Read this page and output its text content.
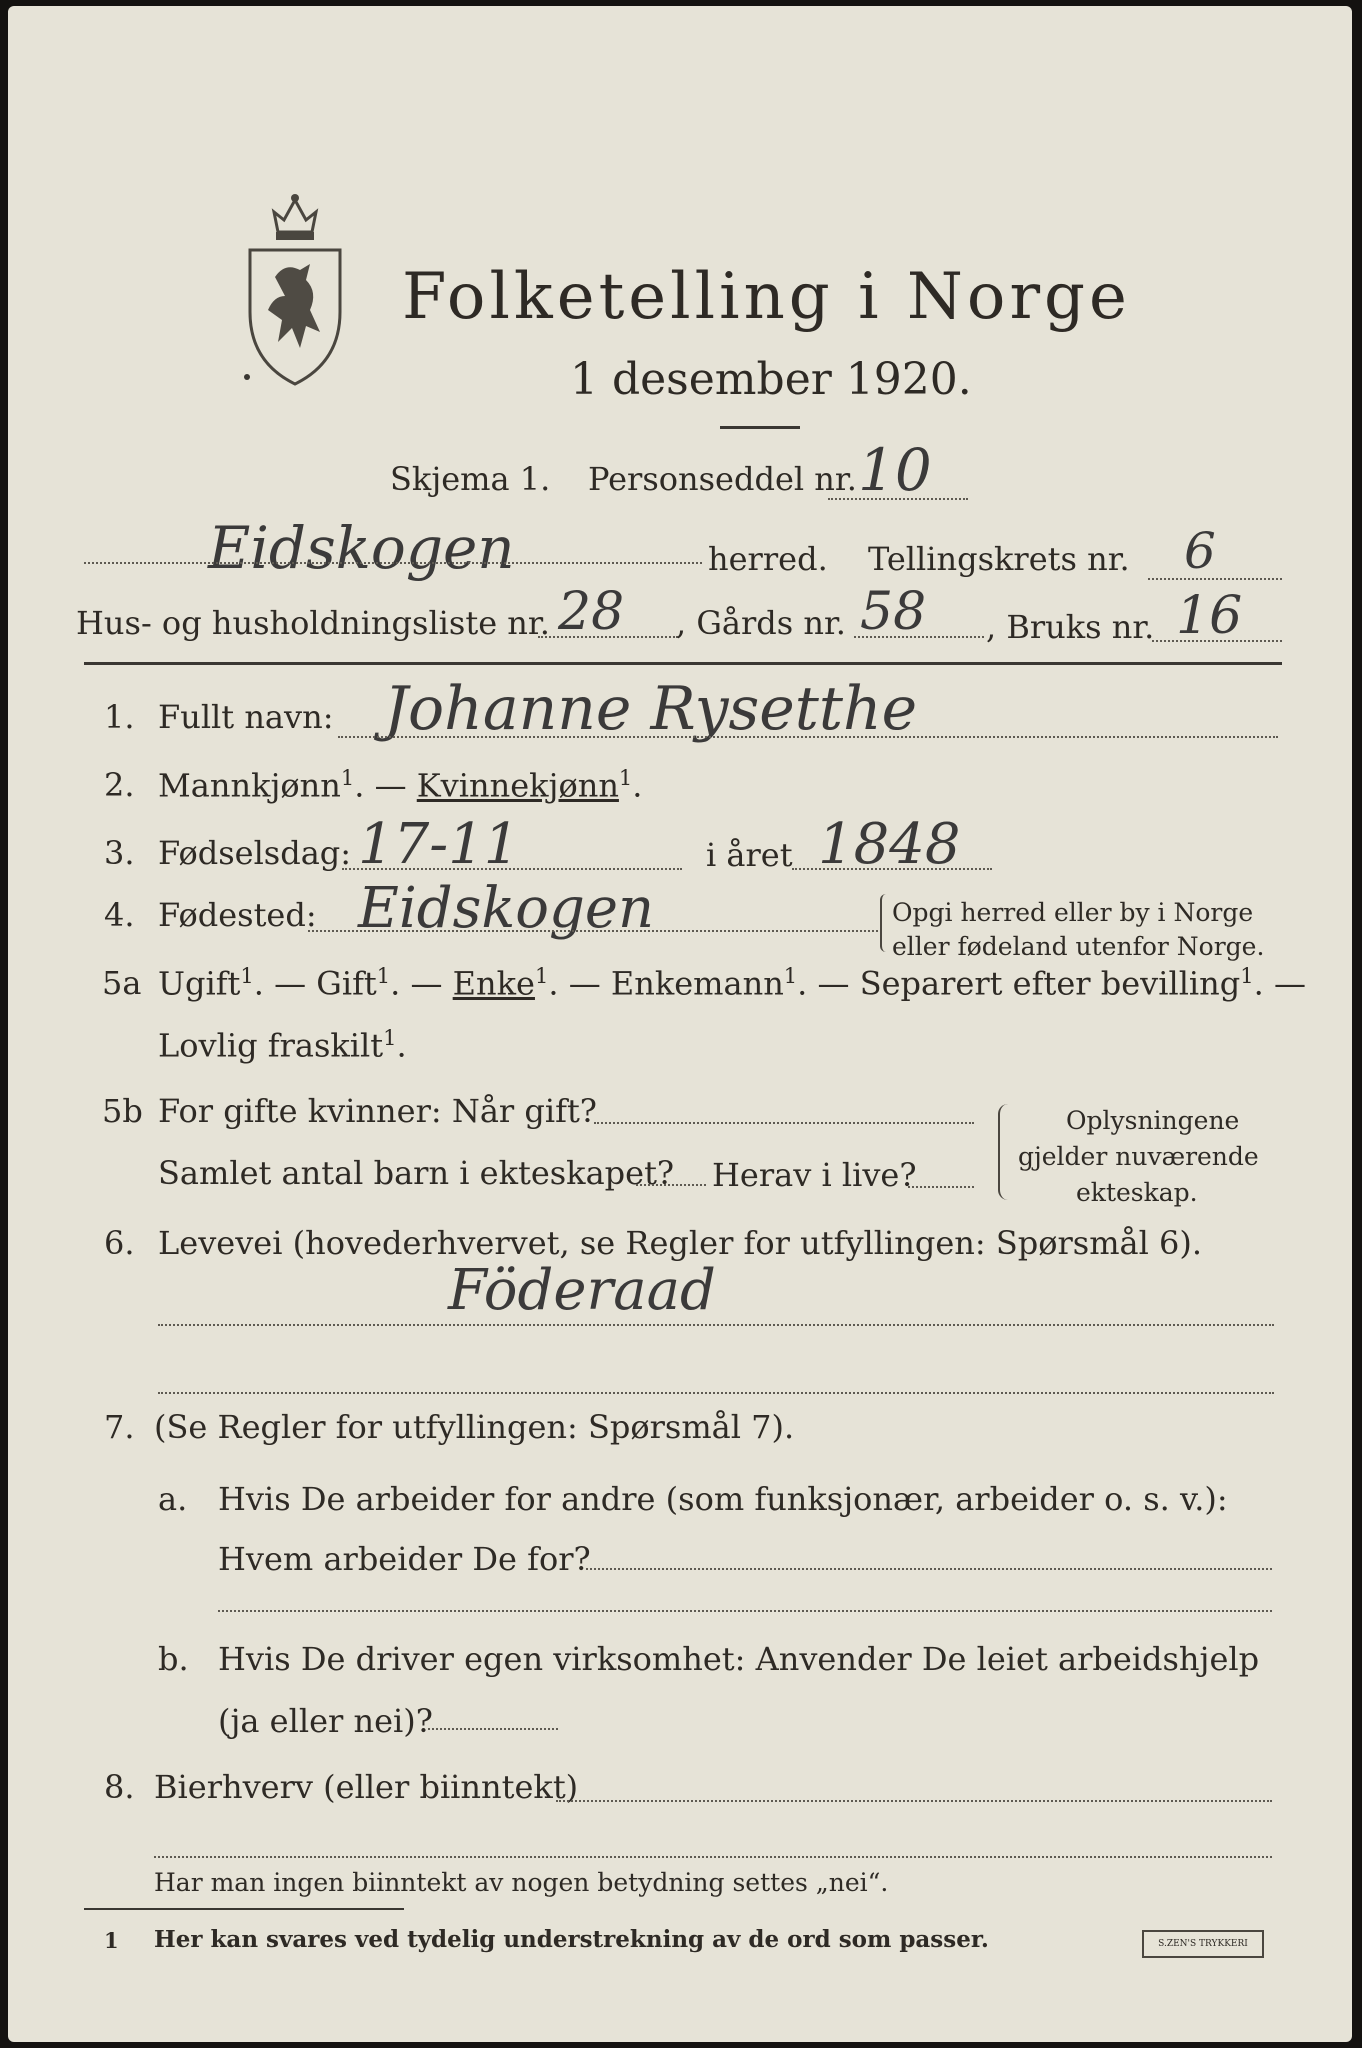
Folketelling i Norge
1 desember 1920.
Skjema 1. Personseddel nr. 10
Eidskogen	herred. Tellingskrets nr. 6
Hus- og husholdningsliste nr. 28 , Gårds nr. 58 , Bruks nr. 16
1. Fullt navn: Johanne Rysetthe
2. Mannkjønn$^1$. — Kvinnekjønn$^1$.
3. Fødselsdag: 17-11	i året 1848
4. Fødested: Eidskogen	Opgi herred eller by i Norge
eller fødeland utenfor Norge.
5a Ugift$^1$. — Gift$^1$. — Enke$^1$. — Enkemann$^1$. — Separert efter bevilling$^1$. —
Lovlig fraskilt$^1$.
5b For gifte kvinner: Når gift?
Samlet antal barn i ekteskapet? Herav i live?
Oplysningene
gjelder nuværende
ekteskap.
6. Levevei (hovederhvervet, se Regler for utfyllingen: Spørsmål 6).
Föderaad
7. (Se Regler for utfyllingen: Spørsmål 7).
a. Hvis De arbeider for andre (som funksjonær, arbeider o. s. v.):
Hvem arbeider De for?
b. Hvis De driver egen virksomhet: Anvender De leiet arbeidshjelp
(ja eller nei)?
8. Bierhverv (eller biinntekt)
Har man ingen biinntekt av nogen betydning settes „nei“.
1 Her kan svares ved tydelig understrekning av de ord som passer.	S.ZEN'S TRYKKERI
